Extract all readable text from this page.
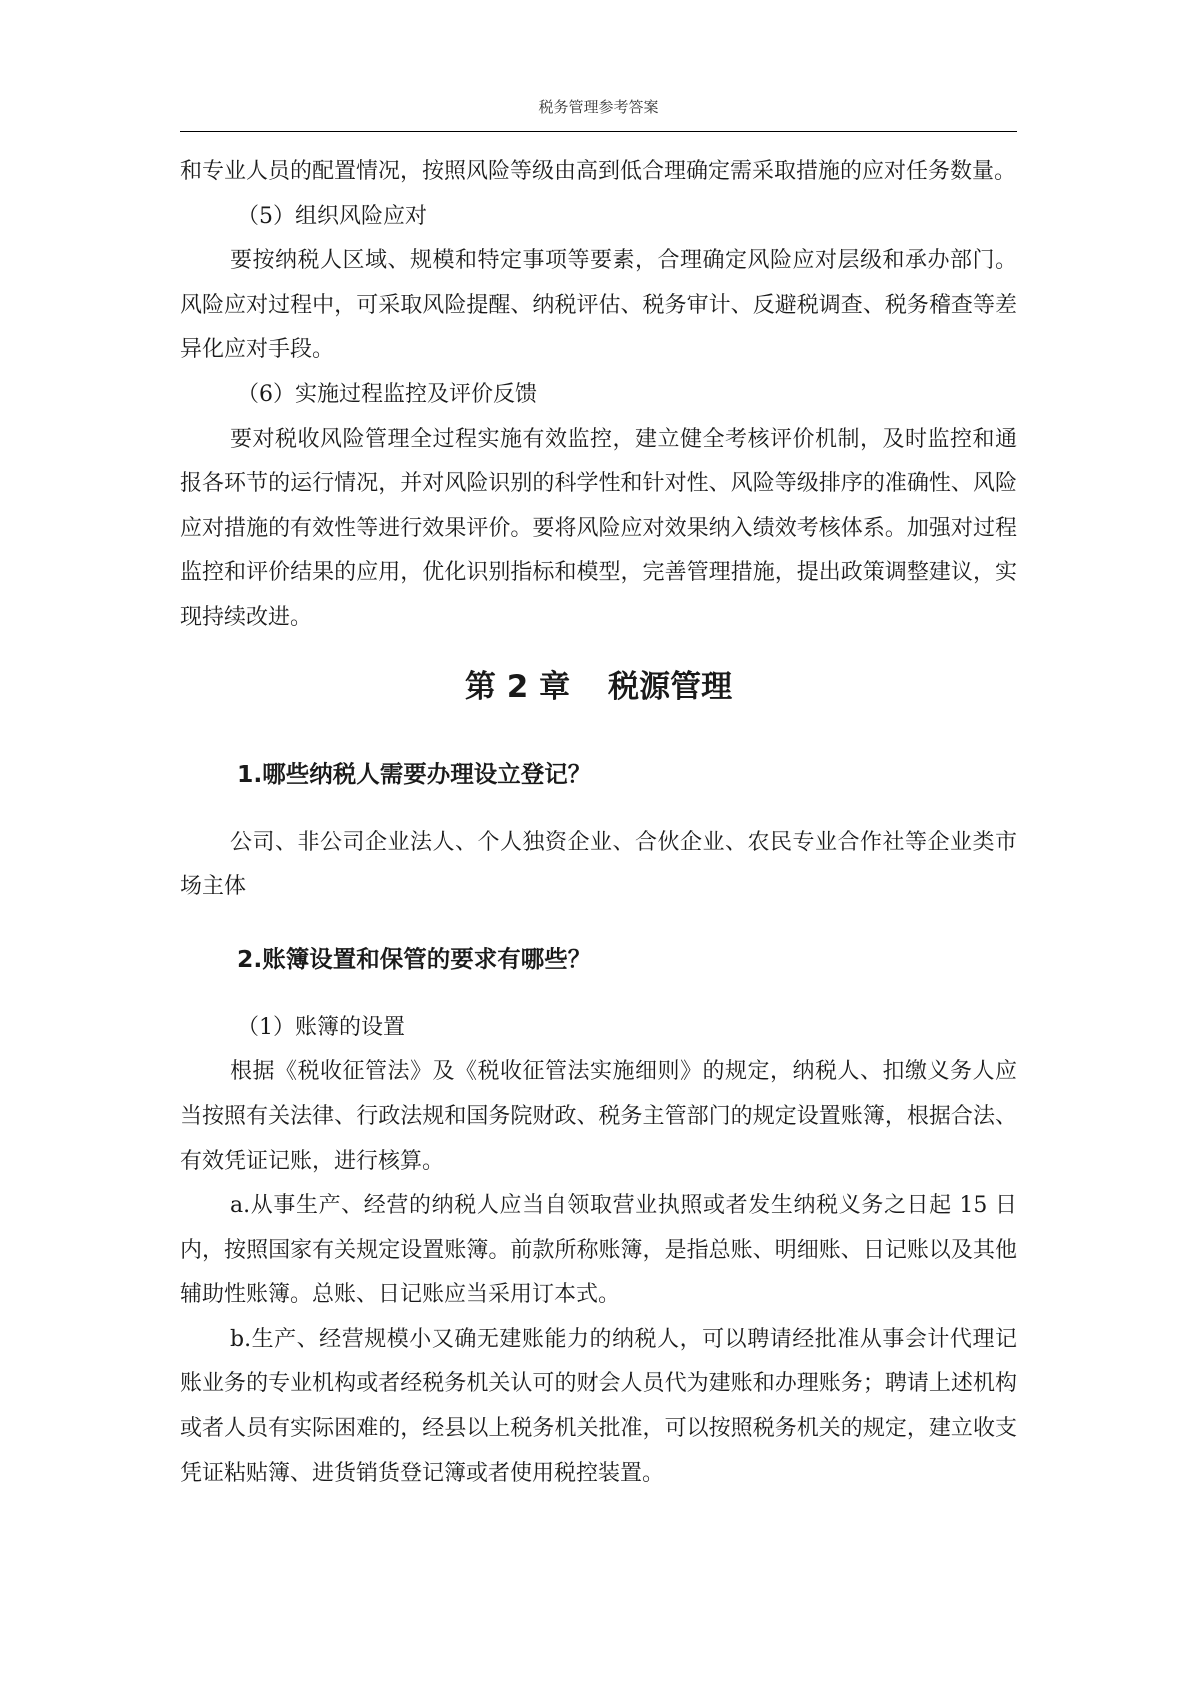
税务管理参考答案

和专业人员的配置情况，按照风险等级由高到低合理确定需采取措施的应对任务数量。

（5）组织风险应对

要按纳税人区域、规模和特定事项等要素，合理确定风险应对层级和承办部门。风险应对过程中，可采取风险提醒、纳税评估、税务审计、反避税调查、税务稽查等差异化应对手段。

（6）实施过程监控及评价反馈

要对税收风险管理全过程实施有效监控，建立健全考核评价机制，及时监控和通报各环节的运行情况，并对风险识别的科学性和针对性、风险等级排序的准确性、风险应对措施的有效性等进行效果评价。要将风险应对效果纳入绩效考核体系。加强对过程监控和评价结果的应用，优化识别指标和模型，完善管理措施，提出政策调整建议，实现持续改进。

第 2 章 税源管理

1.哪些纳税人需要办理设立登记？

公司、非公司企业法人、个人独资企业、合伙企业、农民专业合作社等企业类市场主体

2.账簿设置和保管的要求有哪些？

（1）账簿的设置

根据《税收征管法》及《税收征管法实施细则》的规定，纳税人、扣缴义务人应当按照有关法律、行政法规和国务院财政、税务主管部门的规定设置账簿，根据合法、有效凭证记账，进行核算。

a.从事生产、经营的纳税人应当自领取营业执照或者发生纳税义务之日起 15 日内，按照国家有关规定设置账簿。前款所称账簿，是指总账、明细账、日记账以及其他辅助性账簿。总账、日记账应当采用订本式。

b.生产、经营规模小又确无建账能力的纳税人，可以聘请经批准从事会计代理记账业务的专业机构或者经税务机关认可的财会人员代为建账和办理账务；聘请上述机构或者人员有实际困难的，经县以上税务机关批准，可以按照税务机关的规定，建立收支凭证粘贴簿、进货销货登记簿或者使用税控装置。
